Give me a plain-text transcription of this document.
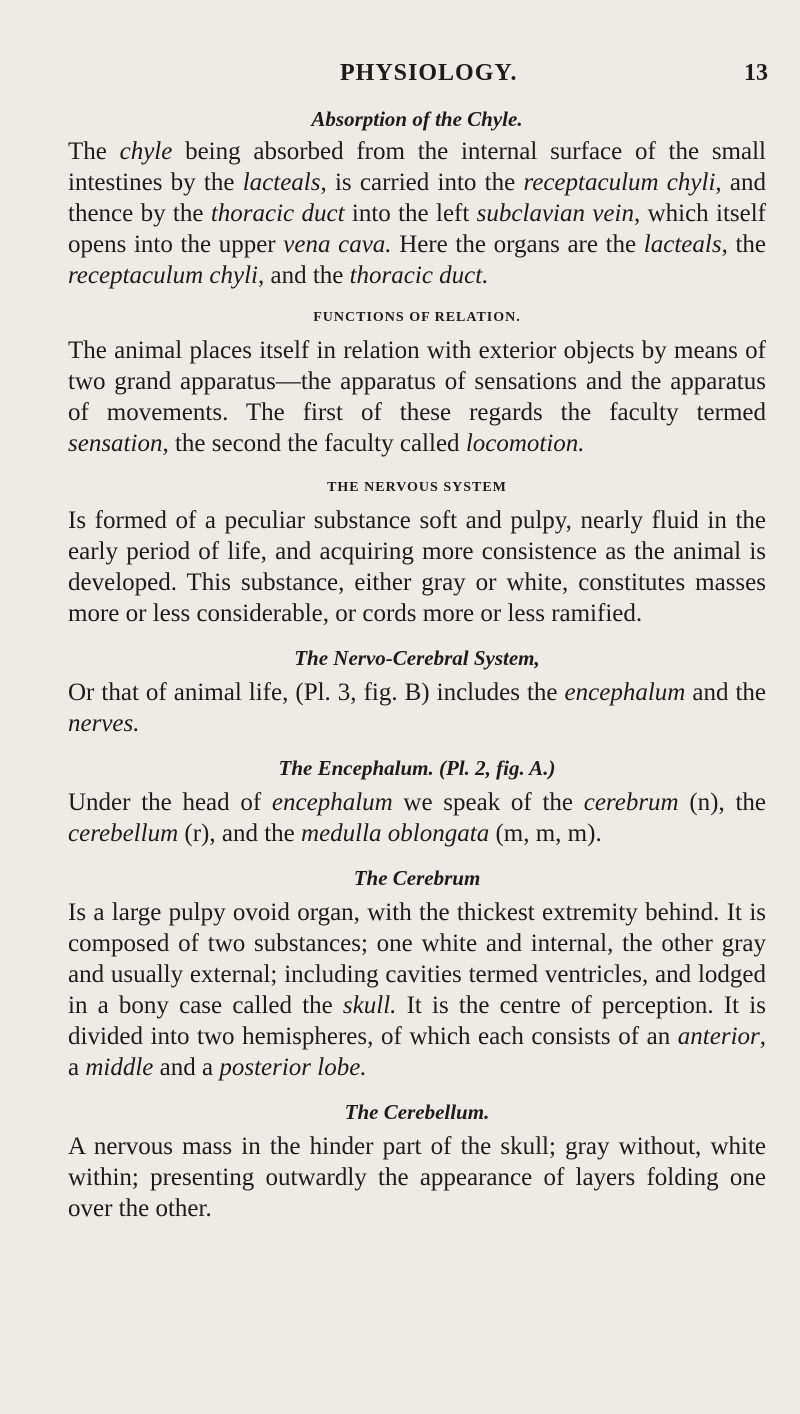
PHYSIOLOGY.	13
Absorption of the Chyle.

The chyle being absorbed from the internal surface of the small intestines by the lacteals, is carried into the receptaculum chyli, and thence by the thoracic duct into the left subclavian vein, which itself opens into the upper vena cava. Here the organs are the lacteals, the receptaculum chyli, and the thoracic duct.

FUNCTIONS OF RELATION.

The animal places itself in relation with exterior objects by means of two grand apparatus—the apparatus of sensations and the apparatus of movements. The first of these regards the faculty termed sensation, the second the faculty called locomotion.

THE NERVOUS SYSTEM

Is formed of a peculiar substance soft and pulpy, nearly fluid in the early period of life, and acquiring more consistence as the animal is developed. This substance, either gray or white, constitutes masses more or less considerable, or cords more or less ramified.

The Nervo-Cerebral System,

Or that of animal life, (Pl. 3, fig. B) includes the encephalum and the nerves.

The Encephalum. (Pl. 2, fig. A.)

Under the head of encephalum we speak of the cerebrum (n), the cerebellum (r), and the medulla oblongata (m, m, m).

The Cerebrum

Is a large pulpy ovoid organ, with the thickest extremity behind. It is composed of two substances; one white and internal, the other gray and usually external; including cavities termed ventricles, and lodged in a bony case called the skull. It is the centre of perception. It is divided into two hemispheres, of which each consists of an anterior, a middle and a posterior lobe.

The Cerebellum.

A nervous mass in the hinder part of the skull; gray without, white within; presenting outwardly the appearance of layers folding one over the other.
